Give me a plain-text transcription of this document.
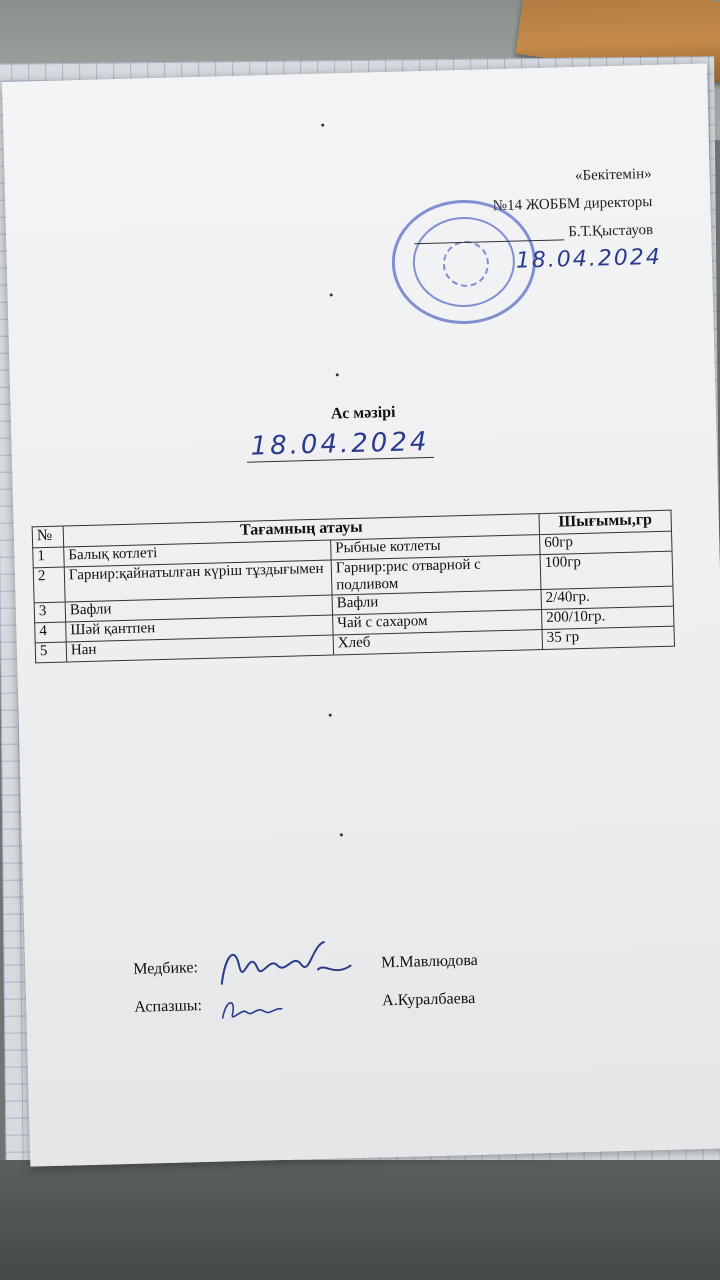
«Бекітемін»
№14 ЖОББМ директоры
Б.Т.Қыстауов
18.04.2024
Ас мәзірі
18.04.2024
№	Тағамның атауы		Шығымы,гр
1	Балық котлеті	Рыбные котлеты	60гр
2	Гарнир:қайнатылған күріш тұздығымен	Гарнир:рис отварной с подливом	100гр
3	Вафли	Вафли	2/40гр.
4	Шәй қантпен	Чай с сахаром	200/10гр.
5	Нан	Хлеб	35 гр
Медбике:	М.Мавлюдова
Аспазшы:	А.Куралбаева
